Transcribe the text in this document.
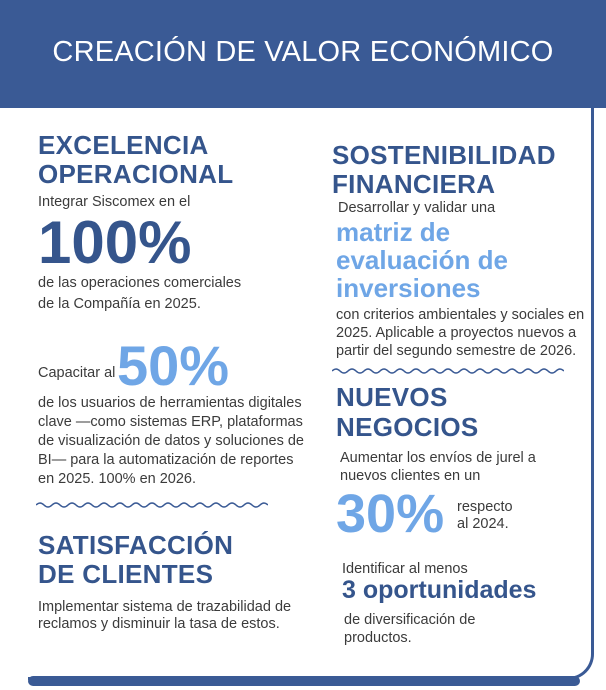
CREACIÓN DE VALOR ECONÓMICO
EXCELENCIA
OPERACIONAL
Integrar Siscomex en el
100%
de las operaciones comerciales
de la Compañía en 2025.
Capacitar al 50%
de los usuarios de herramientas digitales
clave —como sistemas ERP, plataformas
de visualización de datos y soluciones de
BI— para la automatización de reportes
en 2025. 100% en 2026.
SATISFACCIÓN
DE CLIENTES
Implementar sistema de trazabilidad de
reclamos y disminuir la tasa de estos.
SOSTENIBILIDAD
FINANCIERA
Desarrollar y validar una
matriz de
evaluación de
inversiones
con criterios ambientales y sociales en
2025. Aplicable a proyectos nuevos a
partir del segundo semestre de 2026.
NUEVOS
NEGOCIOS
Aumentar los envíos de jurel a
nuevos clientes en un
30% respecto
al 2024.
Identificar al menos
3 oportunidades
de diversificación de
productos.
